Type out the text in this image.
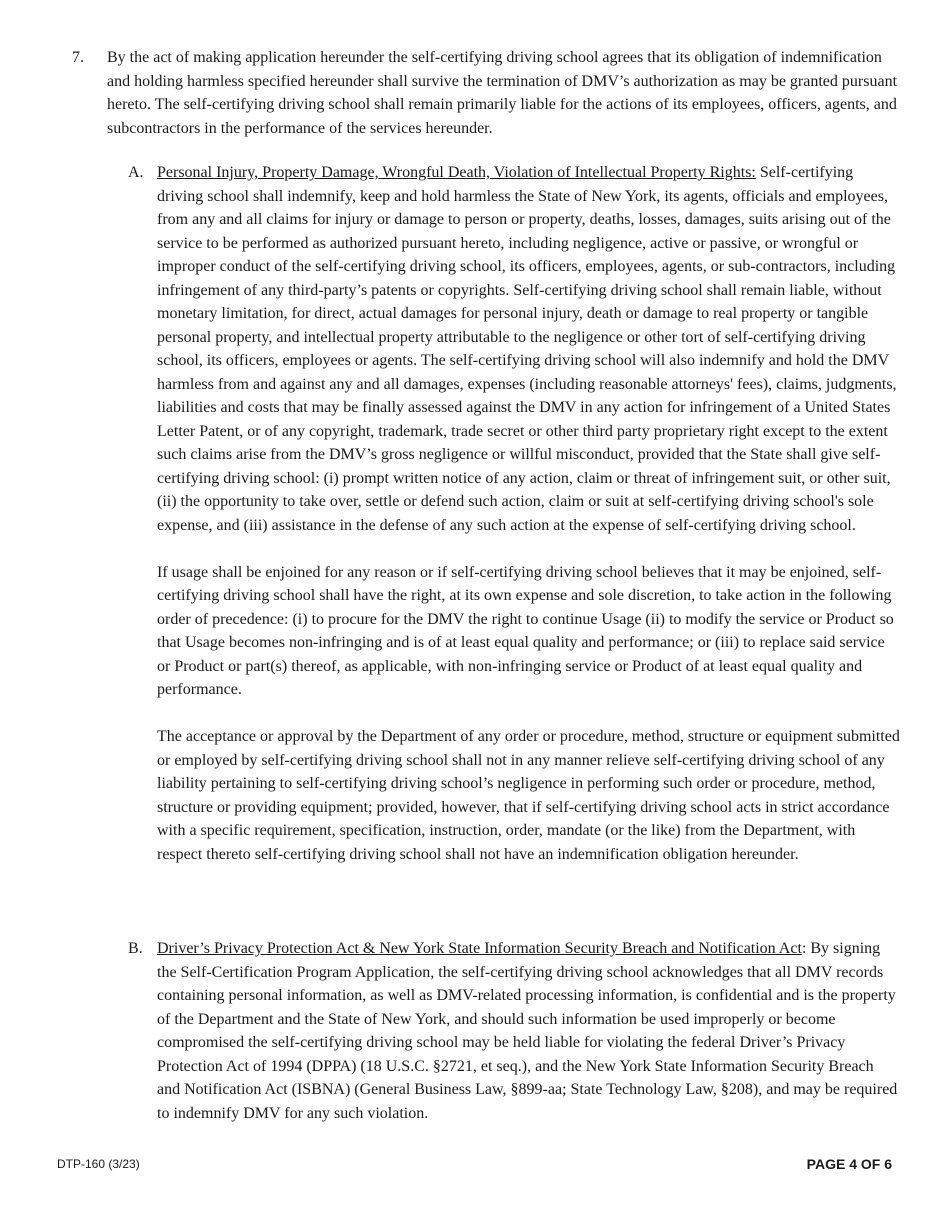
7. By the act of making application hereunder the self-certifying driving school agrees that its obligation of indemnification and holding harmless specified hereunder shall survive the termination of DMV’s authorization as may be granted pursuant hereto. The self-certifying driving school shall remain primarily liable for the actions of its employees, officers, agents, and subcontractors in the performance of the services hereunder.
A. Personal Injury, Property Damage, Wrongful Death, Violation of Intellectual Property Rights: Self-certifying driving school shall indemnify, keep and hold harmless the State of New York, its agents, officials and employees, from any and all claims for injury or damage to person or property, deaths, losses, damages, suits arising out of the service to be performed as authorized pursuant hereto, including negligence, active or passive, or wrongful or improper conduct of the self-certifying driving school, its officers, employees, agents, or sub-contractors, including infringement of any third-party’s patents or copyrights. Self-certifying driving school shall remain liable, without monetary limitation, for direct, actual damages for personal injury, death or damage to real property or tangible personal property, and intellectual property attributable to the negligence or other tort of self-certifying driving school, its officers, employees or agents. The self-certifying driving school will also indemnify and hold the DMV harmless from and against any and all damages, expenses (including reasonable attorneys' fees), claims, judgments, liabilities and costs that may be finally assessed against the DMV in any action for infringement of a United States Letter Patent, or of any copyright, trademark, trade secret or other third party proprietary right except to the extent such claims arise from the DMV’s gross negligence or willful misconduct, provided that the State shall give self-certifying driving school: (i) prompt written notice of any action, claim or threat of infringement suit, or other suit, (ii) the opportunity to take over, settle or defend such action, claim or suit at self-certifying driving school's sole expense, and (iii) assistance in the defense of any such action at the expense of self-certifying driving school.

If usage shall be enjoined for any reason or if self-certifying driving school believes that it may be enjoined, self-certifying driving school shall have the right, at its own expense and sole discretion, to take action in the following order of precedence: (i) to procure for the DMV the right to continue Usage (ii) to modify the service or Product so that Usage becomes non-infringing and is of at least equal quality and performance; or (iii) to replace said service or Product or part(s) thereof, as applicable, with non-infringing service or Product of at least equal quality and performance.

The acceptance or approval by the Department of any order or procedure, method, structure or equipment submitted or employed by self-certifying driving school shall not in any manner relieve self-certifying driving school of any liability pertaining to self-certifying driving school’s negligence in performing such order or procedure, method, structure or providing equipment; provided, however, that if self-certifying driving school acts in strict accordance with a specific requirement, specification, instruction, order, mandate (or the like) from the Department, with respect thereto self-certifying driving school shall not have an indemnification obligation hereunder.

B. Driver’s Privacy Protection Act & New York State Information Security Breach and Notification Act: By signing the Self-Certification Program Application, the self-certifying driving school acknowledges that all DMV records containing personal information, as well as DMV-related processing information, is confidential and is the property of the Department and the State of New York, and should such information be used improperly or become compromised the self-certifying driving school may be held liable for violating the federal Driver’s Privacy Protection Act of 1994 (DPPA) (18 U.S.C. §2721, et seq.), and the New York State Information Security Breach and Notification Act (ISBNA) (General Business Law, §899-aa; State Technology Law, §208), and may be required to indemnify DMV for any such violation.

DTP-160 (3/23)	PAGE 4 OF 6
